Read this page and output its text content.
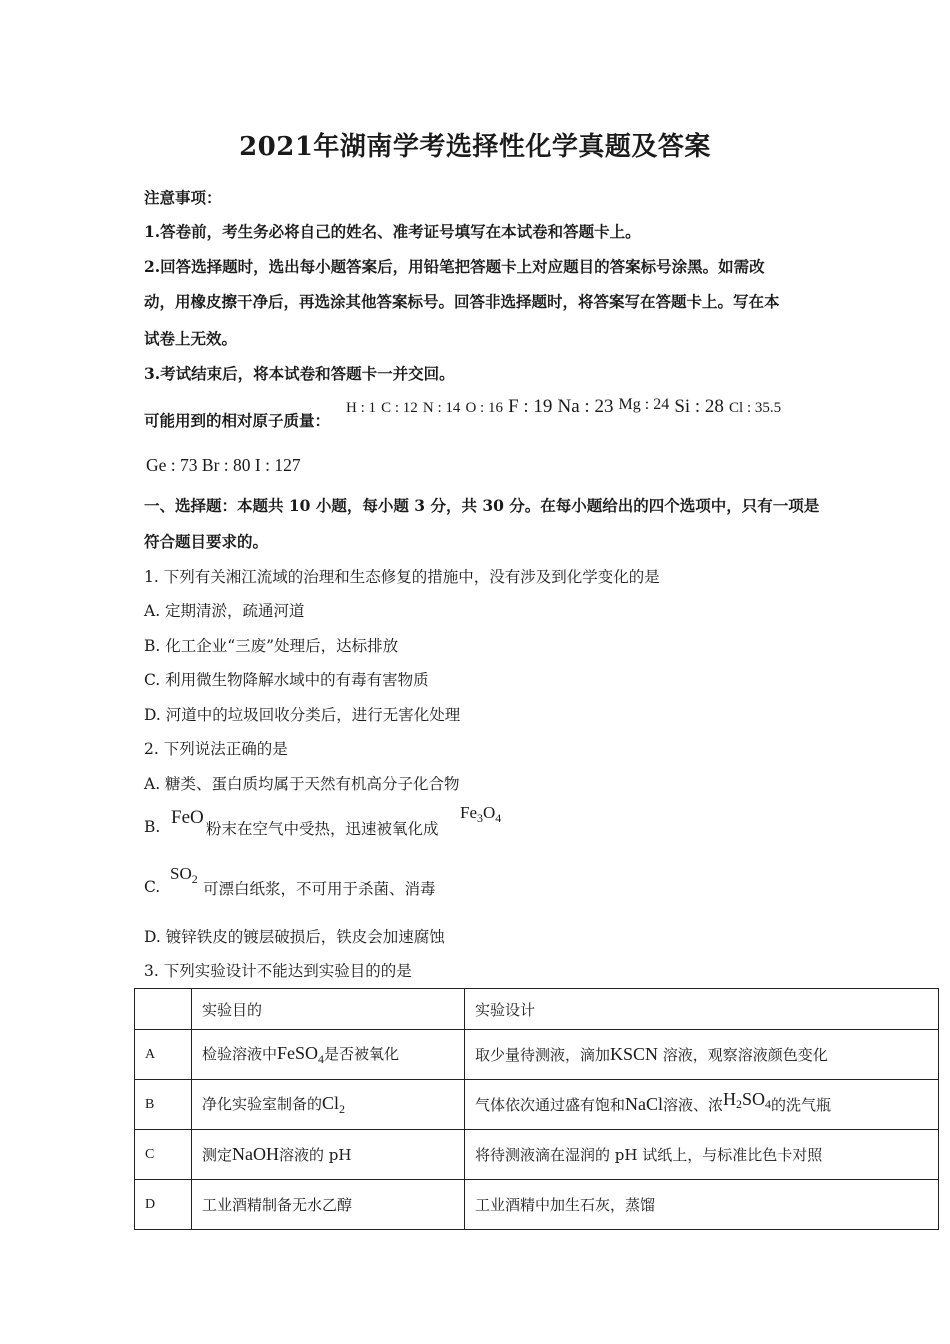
2021年湖南学考选择性化学真题及答案
注意事项：
1.答卷前，考生务必将自己的姓名、准考证号填写在本试卷和答题卡上。
2.回答选择题时，选出每小题答案后，用铅笔把答题卡上对应题目的答案标号涂黑。如需改
动，用橡皮擦干净后，再选涂其他答案标号。回答非选择题时，将答案写在答题卡上。写在本
试卷上无效。
3.考试结束后，将本试卷和答题卡一并交回。
可能用到的相对原子质量：
H : 1 C : 12 N : 14 O : 16 F : 19 Na : 23 Mg : 24 Si : 28 Cl : 35.5
Ge : 73 Br : 80 I : 127
一、选择题：本题共 10 小题，每小题 3 分，共 30 分。在每小题给出的四个选项中，只有一项是
符合题目要求的。
1. 下列有关湘江流域的治理和生态修复的措施中，没有涉及到化学变化的是
A. 定期清淤，疏通河道
B. 化工企业“三废”处理后，达标排放
C. 利用微生物降解水域中的有毒有害物质
D. 河道中的垃圾回收分类后，进行无害化处理
2. 下列说法正确的是
A. 糖类、蛋白质均属于天然有机高分子化合物
B. FeO
粉末在空气中受热，迅速被氧化成
$Fe_3O_4$
C.
$SO_2$
可漂白纸浆，不可用于杀菌、消毒
D. 镀锌铁皮的镀层破损后，铁皮会加速腐蚀
3. 下列实验设计不能达到实验目的的是
	实验目的	实验设计
A	检验溶液中FeSO$_4$是否被氧化	取少量待测液，滴加KSCN 溶液，观察溶液颜色变化
B	净化实验室制备的$Cl_2$	气体依次通过盛有饱和NaCl溶液、浓H2SO4的洗气瓶
C	测定NaOH溶液的 pH	将待测液滴在湿润的 pH 试纸上，与标准比色卡对照
D	工业酒精制备无水乙醇	工业酒精中加生石灰，蒸馏
